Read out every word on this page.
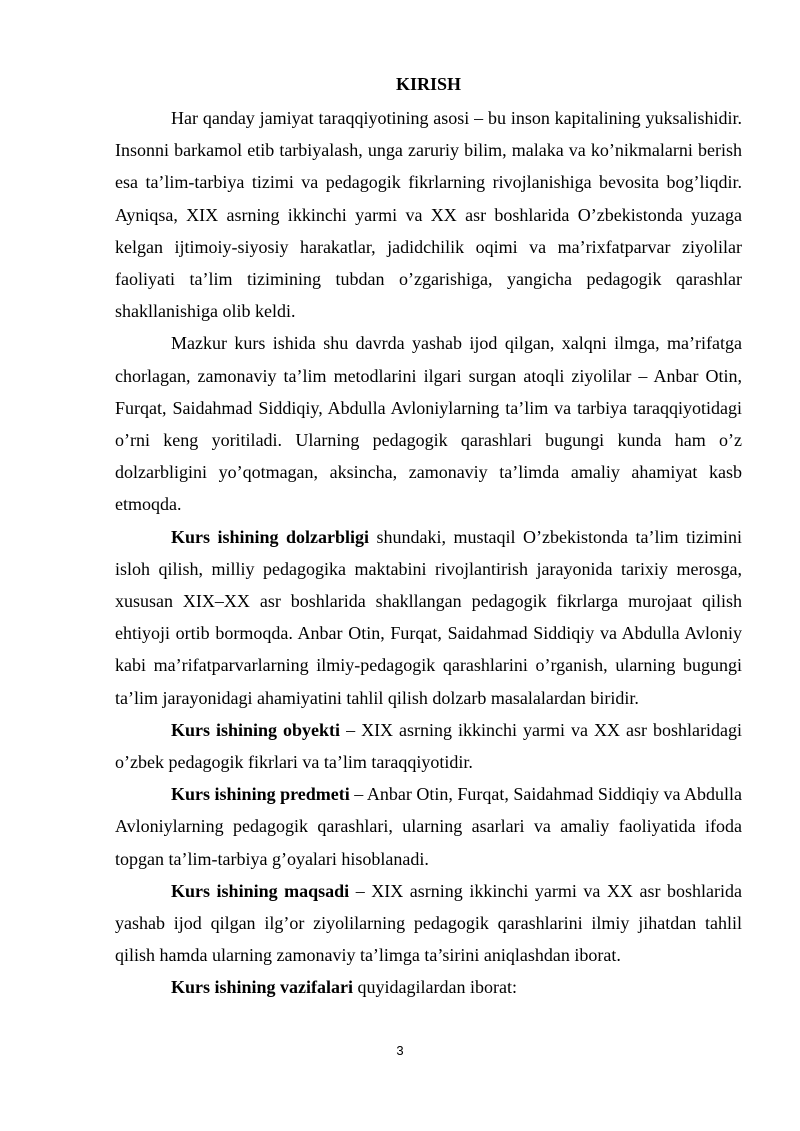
KIRISH

Har qanday jamiyat taraqqiyotining asosi – bu inson kapitalining yuksalishidir. Insonni barkamol etib tarbiyalash, unga zaruriy bilim, malaka va ko’nikmalarni berish esa ta’lim-tarbiya tizimi va pedagogik fikrlarning rivojlanishiga bevosita bog’liqdir. Ayniqsa, XIX asrning ikkinchi yarmi va XX asr boshlarida O’zbekistonda yuzaga kelgan ijtimoiy-siyosiy harakatlar, jadidchilik oqimi va ma’rixfatparvar ziyolilar faoliyati ta’lim tizimining tubdan o’zgarishiga, yangicha pedagogik qarashlar shakllanishiga olib keldi.

Mazkur kurs ishida shu davrda yashab ijod qilgan, xalqni ilmga, ma’rifatga chorlagan, zamonaviy ta’lim metodlarini ilgari surgan atoqli ziyolilar – Anbar Otin, Furqat, Saidahmad Siddiqiy, Abdulla Avloniylarning ta’lim va tarbiya taraqqiyotidagi o’rni keng yoritiladi. Ularning pedagogik qarashlari bugungi kunda ham o’z dolzarbligini yo’qotmagan, aksincha, zamonaviy ta’limda amaliy ahamiyat kasb etmoqda.

Kurs ishining dolzarbligi shundaki, mustaqil O’zbekistonda ta’lim tizimini isloh qilish, milliy pedagogika maktabini rivojlantirish jarayonida tarixiy merosga, xususan XIX–XX asr boshlarida shakllangan pedagogik fikrlarga murojaat qilish ehtiyoji ortib bormoqda. Anbar Otin, Furqat, Saidahmad Siddiqiy va Abdulla Avloniy kabi ma’rifatparvarlarning ilmiy-pedagogik qarashlarini o’rganish, ularning bugungi ta’lim jarayonidagi ahamiyatini tahlil qilish dolzarb masalalardan biridir.

Kurs ishining obyekti – XIX asrning ikkinchi yarmi va XX asr boshlaridagi o’zbek pedagogik fikrlari va ta’lim taraqqiyotidir.

Kurs ishining predmeti – Anbar Otin, Furqat, Saidahmad Siddiqiy va Abdulla Avloniylarning pedagogik qarashlari, ularning asarlari va amaliy faoliyatida ifoda topgan ta’lim-tarbiya g’oyalari hisoblanadi.

Kurs ishining maqsadi – XIX asrning ikkinchi yarmi va XX asr boshlarida yashab ijod qilgan ilg’or ziyolilarning pedagogik qarashlarini ilmiy jihatdan tahlil qilish hamda ularning zamonaviy ta’limga ta’sirini aniqlashdan iborat.

Kurs ishining vazifalari quyidagilardan iborat:

3
